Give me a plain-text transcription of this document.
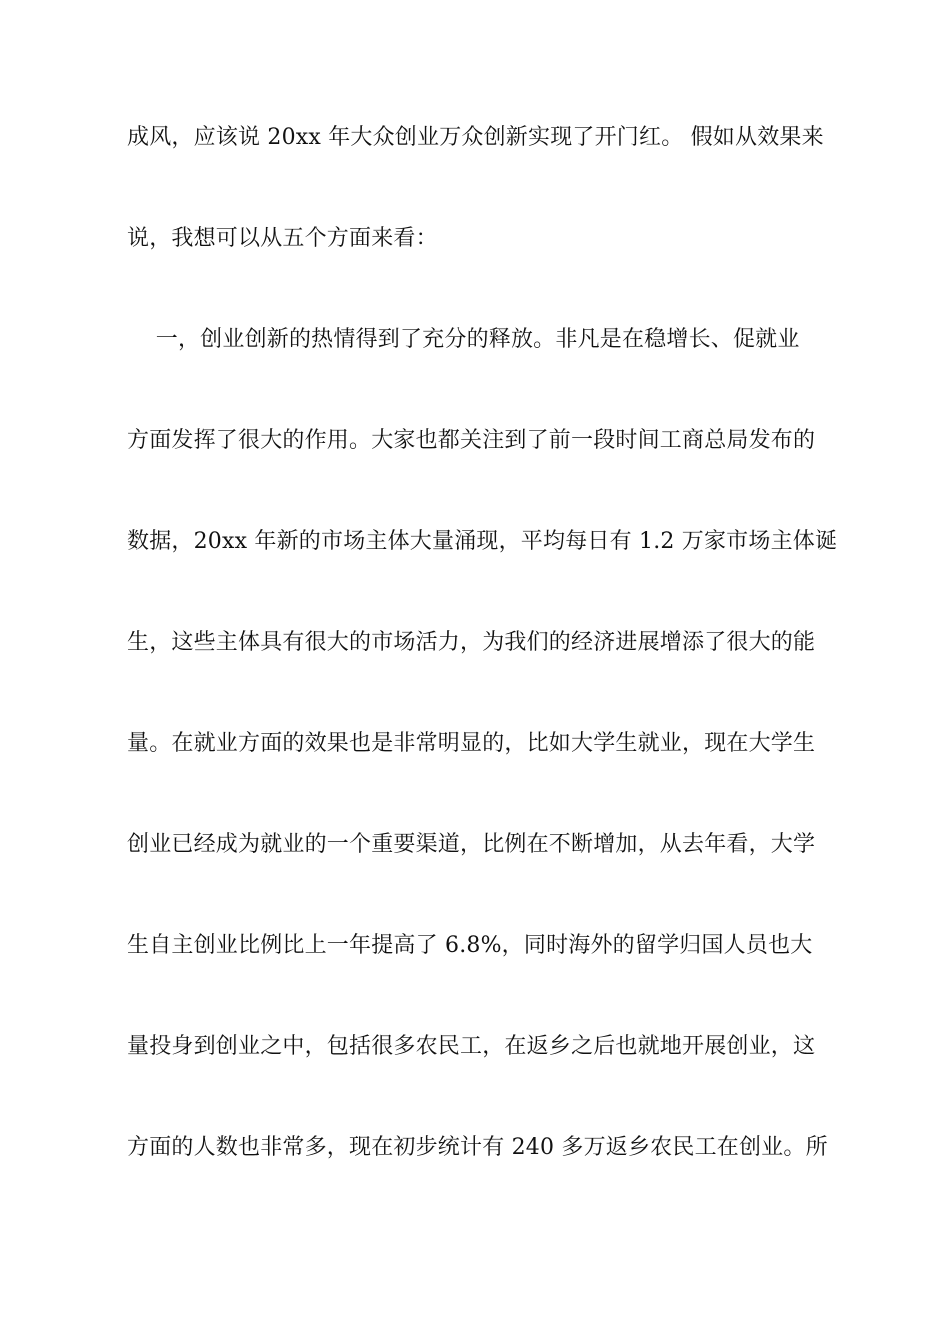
成风，应该说 20xx 年大众创业万众创新实现了开门红。 假如从效果来
说，我想可以从五个方面来看：
一，创业创新的热情得到了充分的释放。非凡是在稳增长、促就业
方面发挥了很大的作用。大家也都关注到了前一段时间工商总局发布的
数据，20xx 年新的市场主体大量涌现，平均每日有 1.2 万家市场主体诞
生，这些主体具有很大的市场活力，为我们的经济进展增添了很大的能
量。在就业方面的效果也是非常明显的，比如大学生就业，现在大学生
创业已经成为就业的一个重要渠道，比例在不断增加，从去年看，大学
生自主创业比例比上一年提高了 6.8%，同时海外的留学归国人员也大
量投身到创业之中，包括很多农民工，在返乡之后也就地开展创业，这
方面的人数也非常多，现在初步统计有 240 多万返乡农民工在创业。所
